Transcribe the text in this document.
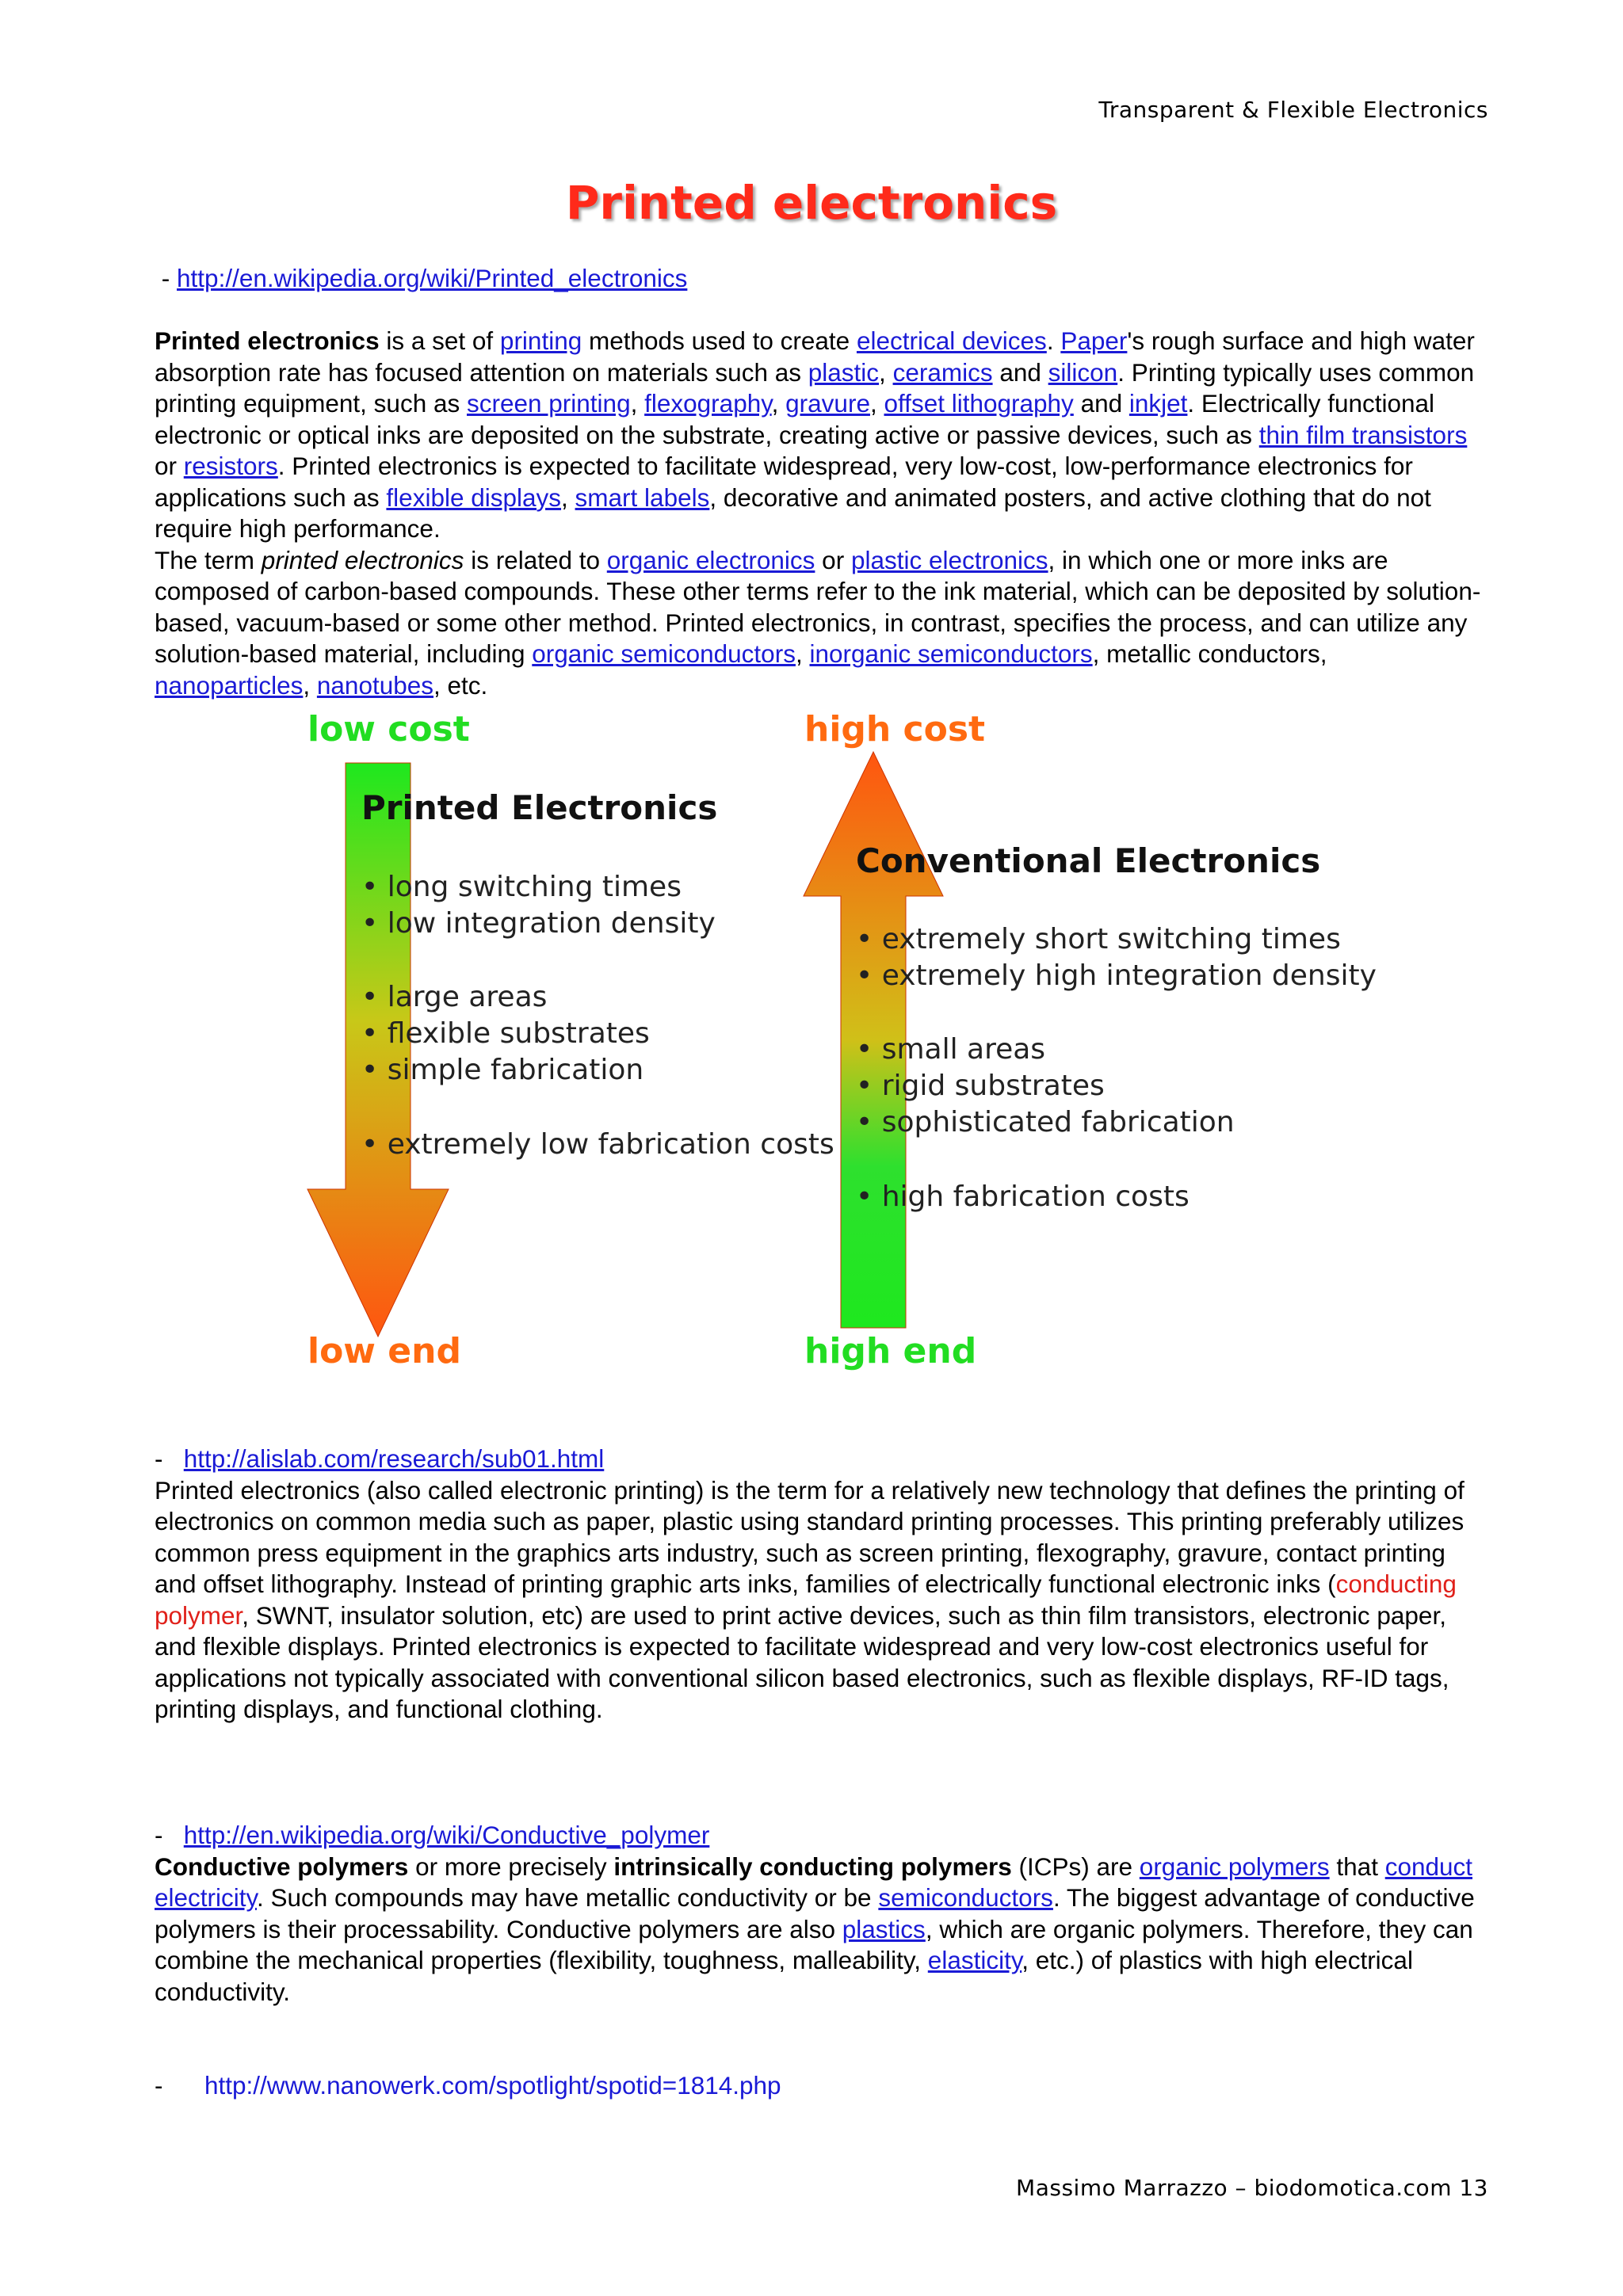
Transparent & Flexible Electronics
Printed electronics
- http://en.wikipedia.org/wiki/Printed_electronics
Printed electronics is a set of printing methods used to create electrical devices. Paper's rough surface and high water absorption rate has focused attention on materials such as plastic, ceramics and silicon. Printing typically uses common printing equipment, such as screen printing, flexography, gravure, offset lithography and inkjet. Electrically functional electronic or optical inks are deposited on the substrate, creating active or passive devices, such as thin film transistors or resistors. Printed electronics is expected to facilitate widespread, very low-cost, low-performance electronics for applications such as flexible displays, smart labels, decorative and animated posters, and active clothing that do not require high performance.
The term printed electronics is related to organic electronics or plastic electronics, in which one or more inks are composed of carbon-based compounds. These other terms refer to the ink material, which can be deposited by solution-based, vacuum-based or some other method. Printed electronics, in contrast, specifies the process, and can utilize any solution-based material, including organic semiconductors, inorganic semiconductors, metallic conductors, nanoparticles, nanotubes, etc.
low cost
low end
Printed Electronics
• long switching times
• low integration density
• large areas
• flexible substrates
• simple fabrication
• extremely low fabrication costs
high cost
high end
Conventional Electronics
• extremely short switching times
• extremely high integration density
• small areas
• rigid substrates
• sophisticated fabrication
• high fabrication costs
- http://alislab.com/research/sub01.html
Printed electronics (also called electronic printing) is the term for a relatively new technology that defines the printing of electronics on common media such as paper, plastic using standard printing processes. This printing preferably utilizes common press equipment in the graphics arts industry, such as screen printing, flexography, gravure, contact printing and offset lithography. Instead of printing graphic arts inks, families of electrically functional electronic inks (conducting polymer, SWNT, insulator solution, etc) are used to print active devices, such as thin film transistors, electronic paper, and flexible displays. Printed electronics is expected to facilitate widespread and very low-cost electronics useful for applications not typically associated with conventional silicon based electronics, such as flexible displays, RF-ID tags, printing displays, and functional clothing.
- http://en.wikipedia.org/wiki/Conductive_polymer
Conductive polymers or more precisely intrinsically conducting polymers (ICPs) are organic polymers that conduct electricity. Such compounds may have metallic conductivity or be semiconductors. The biggest advantage of conductive polymers is their processability. Conductive polymers are also plastics, which are organic polymers. Therefore, they can combine the mechanical properties (flexibility, toughness, malleability, elasticity, etc.) of plastics with high electrical conductivity.
- http://www.nanowerk.com/spotlight/spotid=1814.php
Massimo Marrazzo – biodomotica.com 13
